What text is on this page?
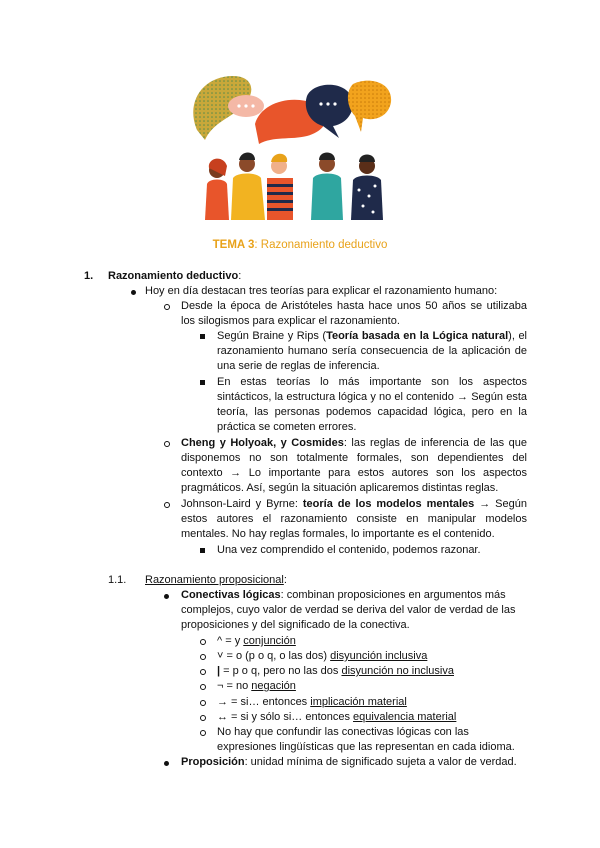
TEMA 3: Razonamiento deductivo
1. Razonamiento deductivo:
Hoy en día destacan tres teorías para explicar el razonamiento humano:
Desde la época de Aristóteles hasta hace unos 50 años se utilizaba los silogismos para explicar el razonamiento.
Según Braine y Rips (Teoría basada en la Lógica natural), el razonamiento humano sería consecuencia de la aplicación de una serie de reglas de inferencia.
En estas teorías lo más importante son los aspectos sintácticos, la estructura lógica y no el contenido → Según esta teoría, las personas podemos capacidad lógica, pero en la práctica se cometen errores.
Cheng y Holyoak, y Cosmides: las reglas de inferencia de las que disponemos no son totalmente formales, son dependientes del contexto → Lo importante para estos autores son los aspectos pragmáticos. Así, según la situación aplicaremos distintas reglas.
Johnson-Laird y Byrne: teoría de los modelos mentales → Según estos autores el razonamiento consiste en manipular modelos mentales. No hay reglas formales, lo importante es el contenido.
Una vez comprendido el contenido, podemos razonar.
1.1. Razonamiento proposicional:
Conectivas lógicas: combinan proposiciones en argumentos más complejos, cuyo valor de verdad se deriva del valor de verdad de las proposiciones y del significado de la conectiva.
^ = y conjunción
˅ = o (p o q, o las dos) disyunción inclusiva
| = p o q, pero no las dos disyunción no inclusiva
¬ = no negación
→ = si… entonces implicación material
↔ = si y sólo si… entonces equivalencia material
No hay que confundir las conectivas lógicas con las expresiones lingüísticas que las representan en cada idioma.
Proposición: unidad mínima de significado sujeta a valor de verdad.
